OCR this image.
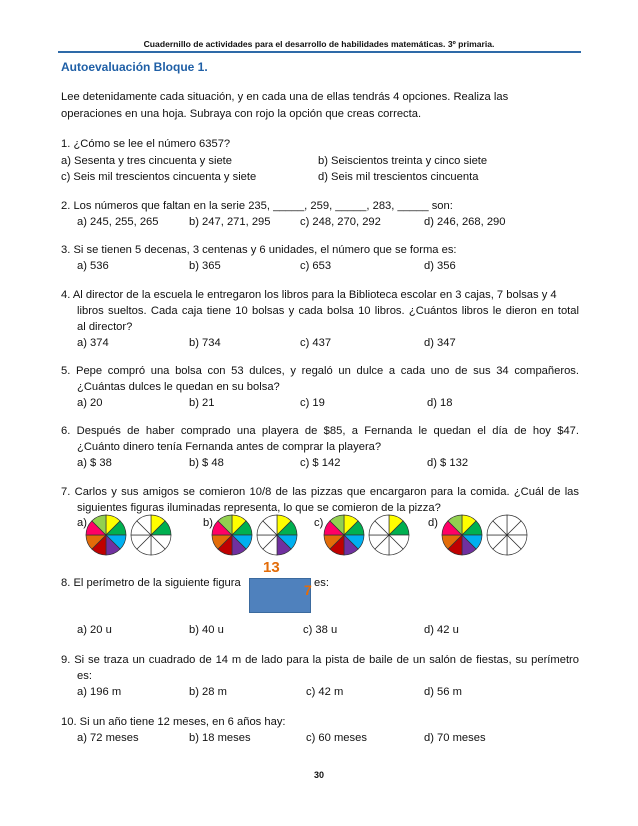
Cuadernillo de actividades para el desarrollo de habilidades matemáticas. 3º primaria.
Autoevaluación Bloque 1.
Lee detenidamente cada situación, y en cada una de ellas tendrás 4 opciones. Realiza las
operaciones en una hoja. Subraya con rojo la opción que creas correcta.
1. ¿Cómo se lee el número 6357?
a) Sesenta y tres cincuenta y siete	b) Seiscientos treinta y cinco siete
c) Seis mil trescientos cincuenta y siete	d) Seis mil trescientos cincuenta
2. Los números que faltan en la serie 235, _____, 259, _____, 283, _____ son:
a) 245, 255, 265	b) 247, 271, 295	c) 248, 270, 292	d) 246, 268, 290
3. Si se tienen 5 decenas, 3 centenas y 6 unidades, el número que se forma es:
a) 536	b) 365	c) 653	d) 356
4. Al director de la escuela le entregaron los libros para la Biblioteca escolar en 3 cajas, 7 bolsas y 4
libros sueltos. Cada caja tiene 10 bolsas y cada bolsa 10 libros. ¿Cuántos libros le dieron en total
al director?
a) 374	b) 734	c) 437	d) 347
5. Pepe compró una bolsa con 53 dulces, y regaló un dulce a cada uno de sus 34 compañeros.
¿Cuántas dulces le quedan en su bolsa?
a) 20	b) 21	c) 19	d) 18
6. Después de haber comprado una playera de $85, a Fernanda le quedan el día de hoy $47.
¿Cuánto dinero tenía Fernanda antes de comprar la playera?
a) $ 38	b) $ 48	c) $ 142	d) $ 132
7. Carlos y sus amigos se comieron 10/8 de las pizzas que encargaron para la comida. ¿Cuál de las
siguientes figuras iluminadas representa, lo que se comieron de la pizza?
a)	b)	c)	d)
8. El perímetro de la siguiente figura
13
7 es:
a) 20 u	b) 40 u	c) 38 u	d) 42 u
9. Si se traza un cuadrado de 14 m de lado para la pista de baile de un salón de fiestas, su perímetro
es:
a) 196 m	b) 28 m	c) 42 m	d) 56 m
10. Si un año tiene 12 meses, en 6 años hay:
a) 72 meses	b) 18 meses	c) 60 meses	d) 70 meses
30
